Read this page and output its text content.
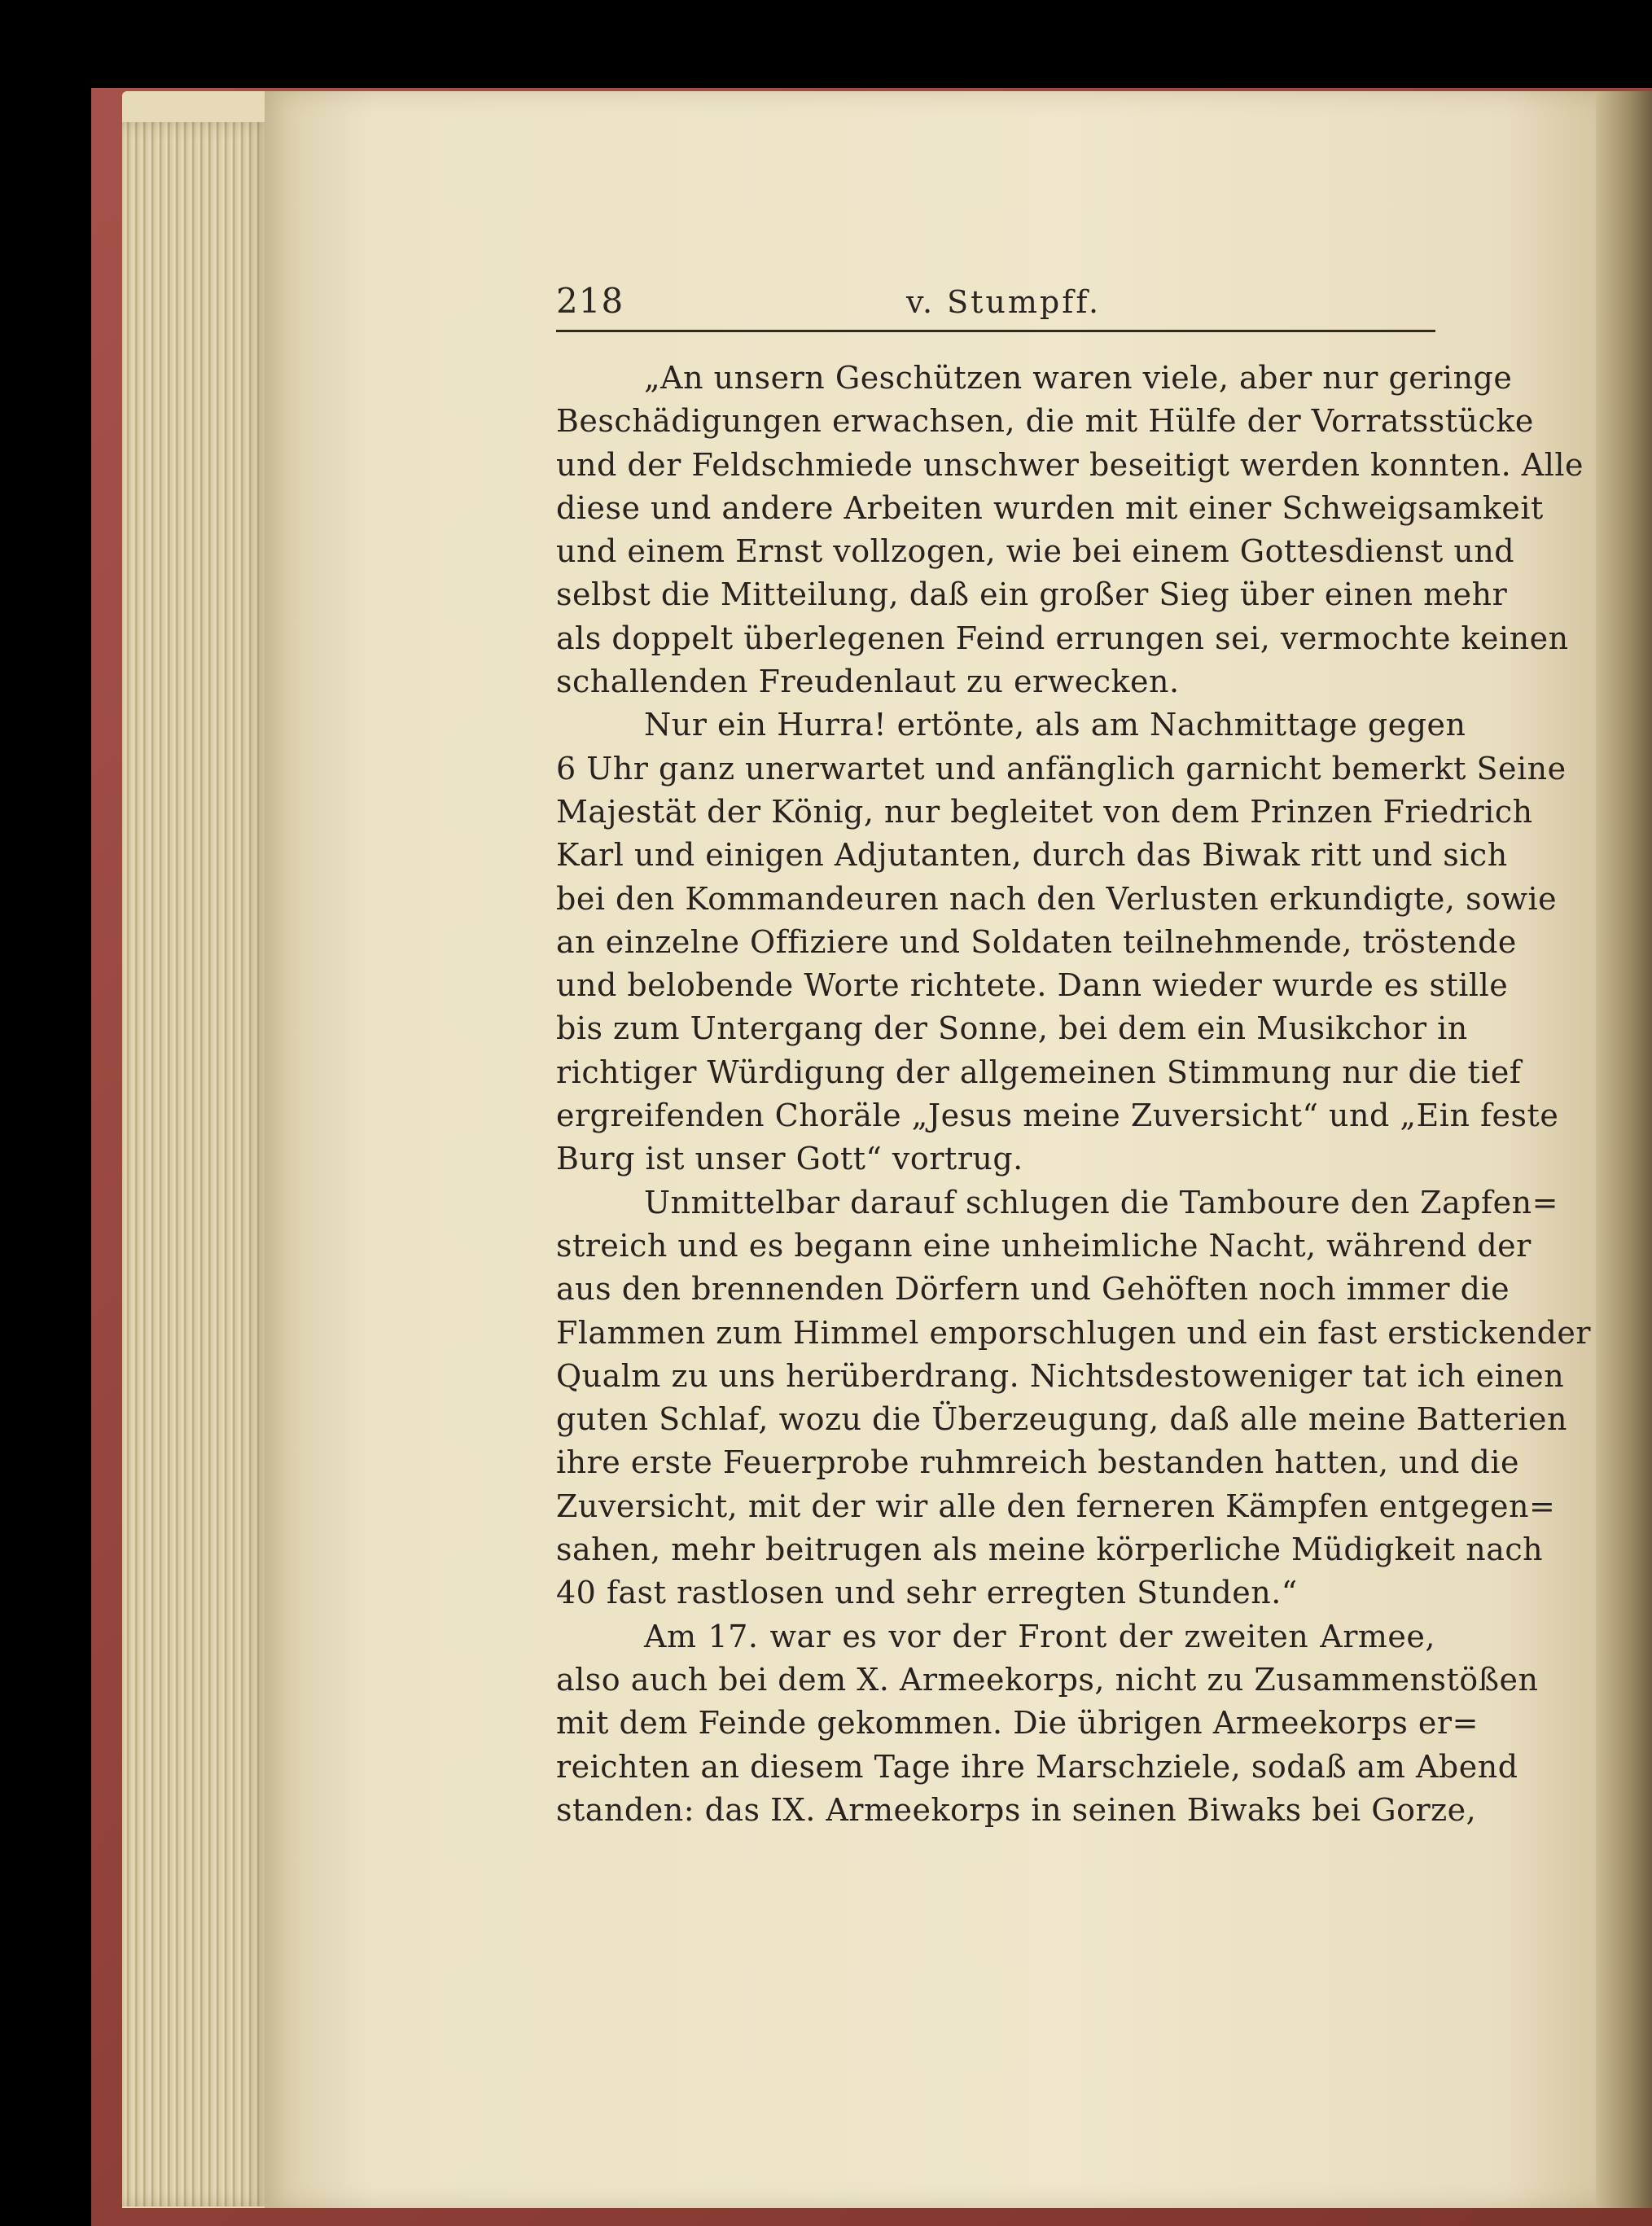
218	v. Stumpff.
„An unsern Geschützen waren viele, aber nur geringe
Beschädigungen erwachsen, die mit Hülfe der Vorratsstücke
und der Feldschmiede unschwer beseitigt werden konnten. Alle
diese und andere Arbeiten wurden mit einer Schweigsamkeit
und einem Ernst vollzogen, wie bei einem Gottesdienst und
selbst die Mitteilung, daß ein großer Sieg über einen mehr
als doppelt überlegenen Feind errungen sei, vermochte keinen
schallenden Freudenlaut zu erwecken.
Nur ein Hurra! ertönte, als am Nachmittage gegen
6 Uhr ganz unerwartet und anfänglich garnicht bemerkt Seine
Majestät der König, nur begleitet von dem Prinzen Friedrich
Karl und einigen Adjutanten, durch das Biwak ritt und sich
bei den Kommandeuren nach den Verlusten erkundigte, sowie
an einzelne Offiziere und Soldaten teilnehmende, tröstende
und belobende Worte richtete. Dann wieder wurde es stille
bis zum Untergang der Sonne, bei dem ein Musikchor in
richtiger Würdigung der allgemeinen Stimmung nur die tief
ergreifenden Choräle „Jesus meine Zuversicht“ und „Ein feste
Burg ist unser Gott“ vortrug.
Unmittelbar darauf schlugen die Tamboure den Zapfen=
streich und es begann eine unheimliche Nacht, während der
aus den brennenden Dörfern und Gehöften noch immer die
Flammen zum Himmel emporschlugen und ein fast erstickender
Qualm zu uns herüberdrang. Nichtsdestoweniger tat ich einen
guten Schlaf, wozu die Überzeugung, daß alle meine Batterien
ihre erste Feuerprobe ruhmreich bestanden hatten, und die
Zuversicht, mit der wir alle den ferneren Kämpfen entgegen=
sahen, mehr beitrugen als meine körperliche Müdigkeit nach
40 fast rastlosen und sehr erregten Stunden.“
Am 17. war es vor der Front der zweiten Armee,
also auch bei dem X. Armeekorps, nicht zu Zusammenstößen
mit dem Feinde gekommen. Die übrigen Armeekorps er=
reichten an diesem Tage ihre Marschziele, sodaß am Abend
standen: das IX. Armeekorps in seinen Biwaks bei Gorze,
